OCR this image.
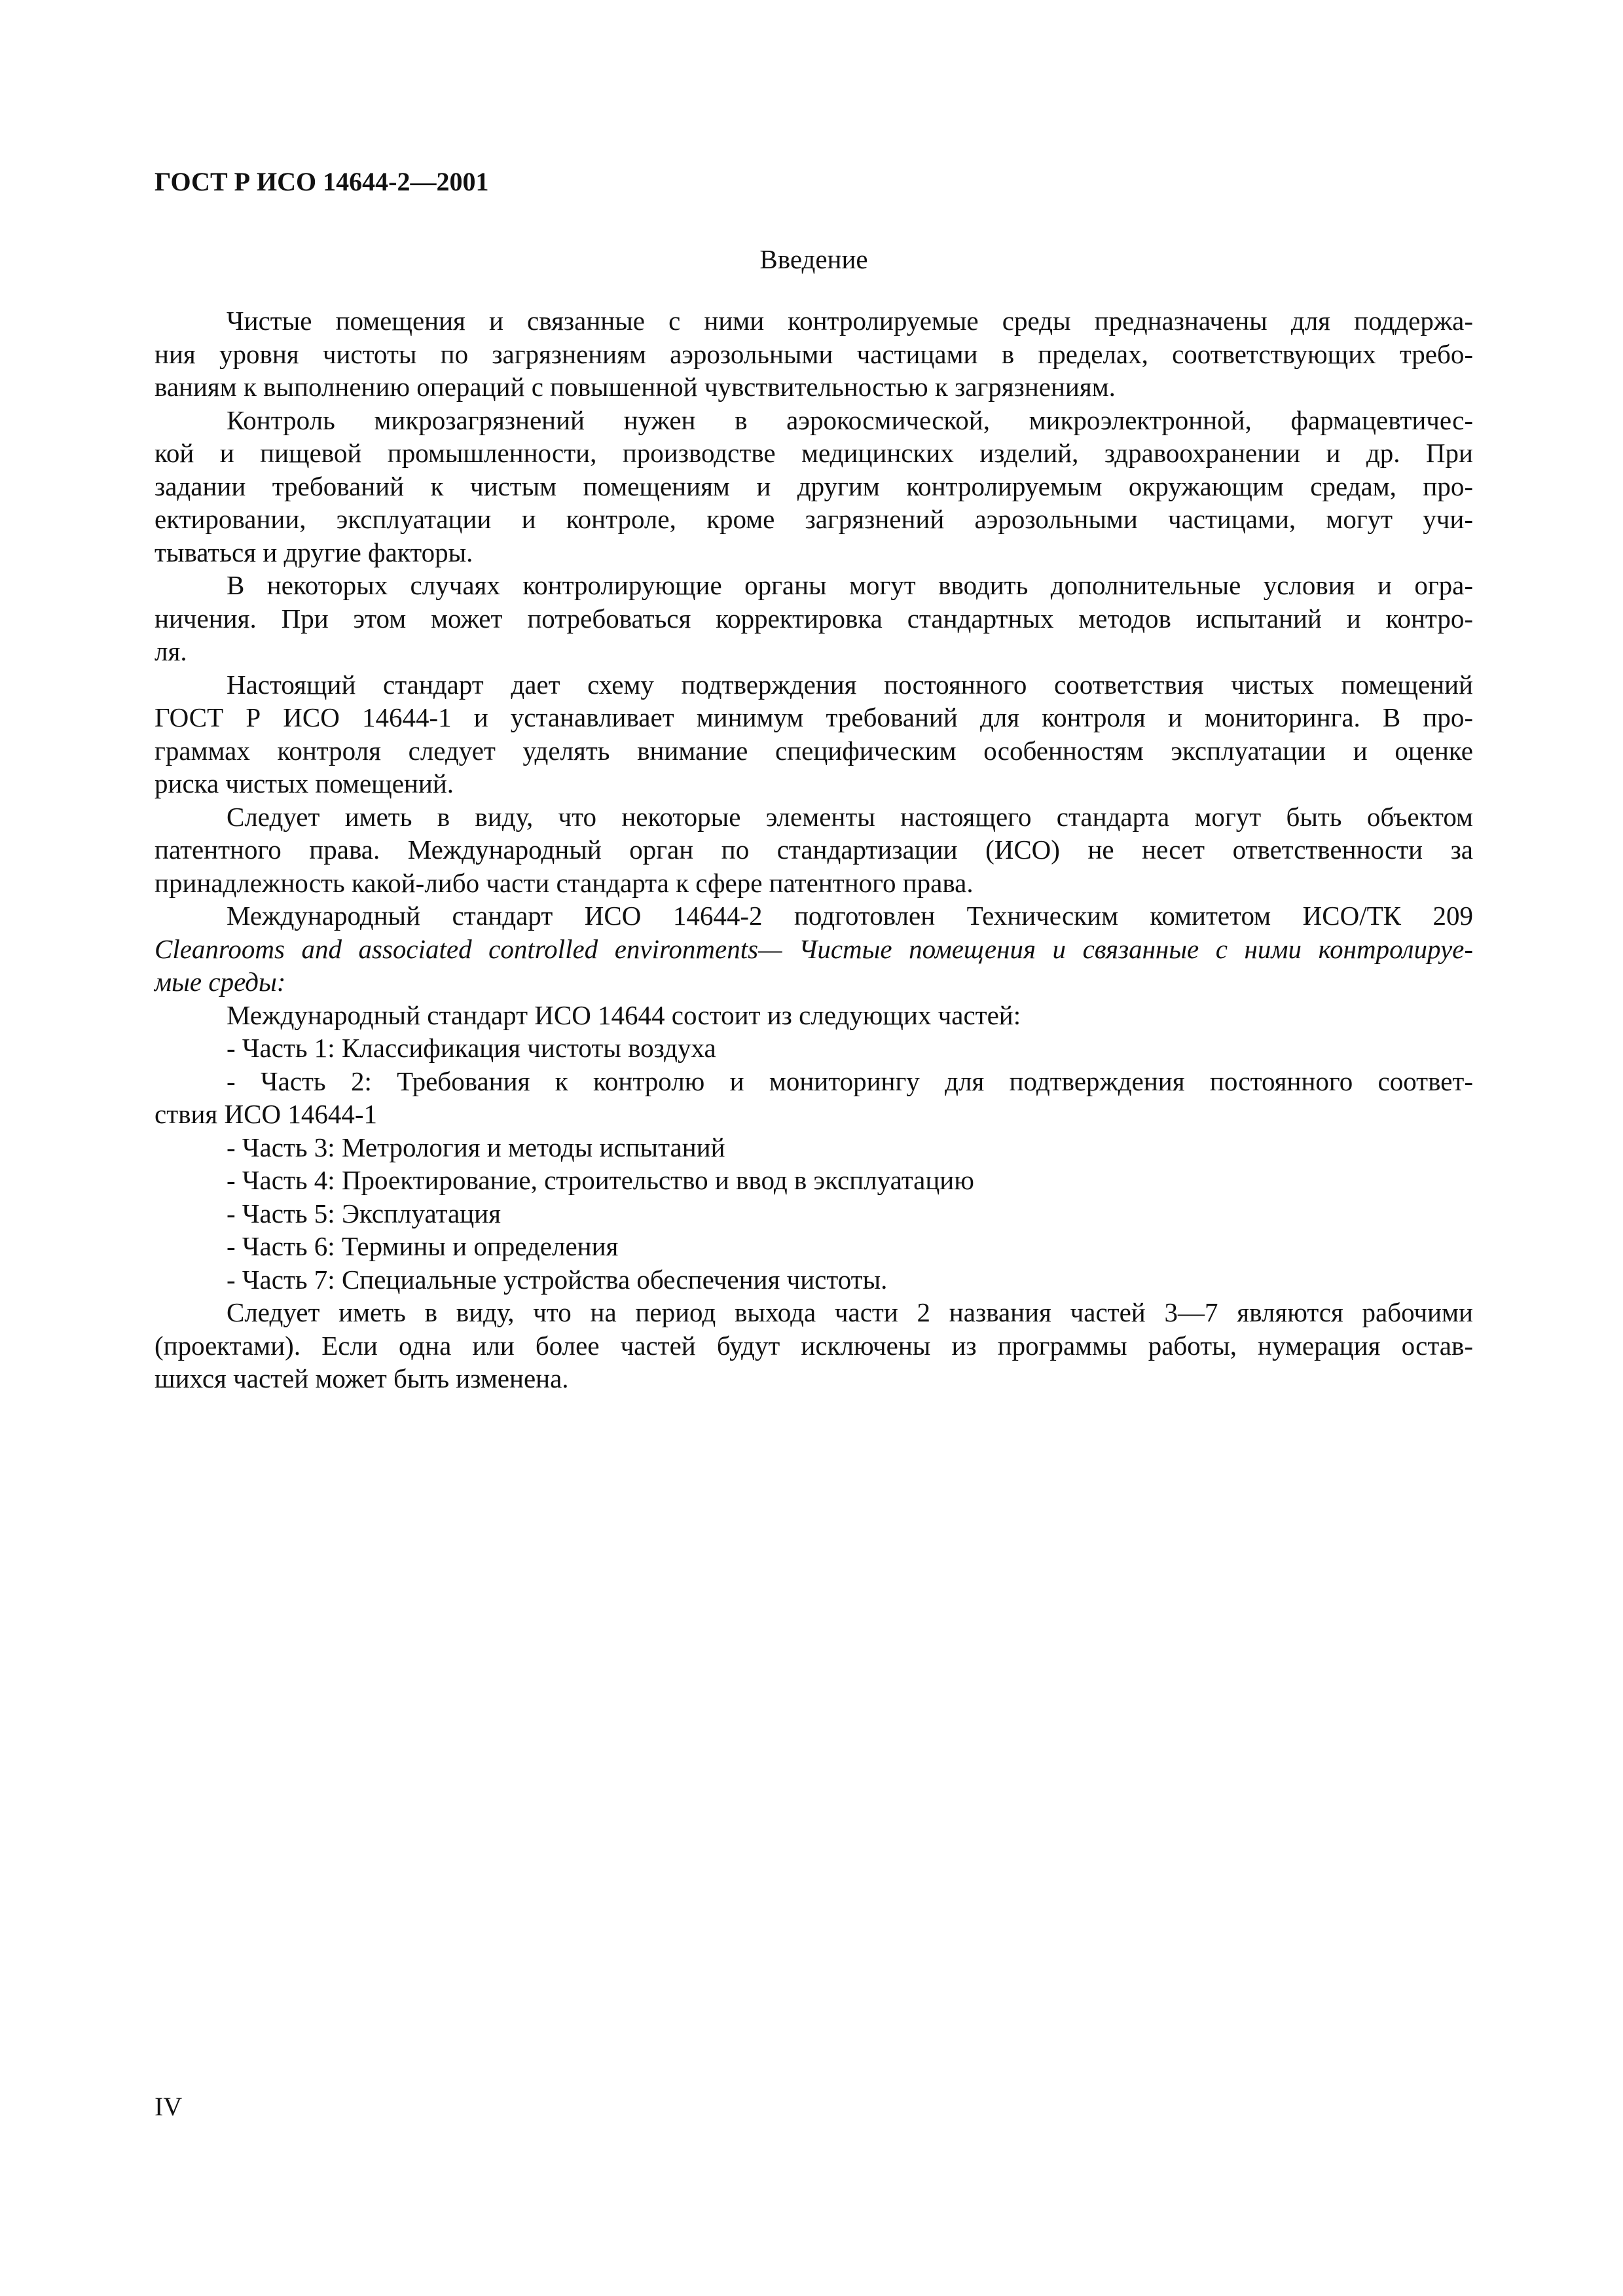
ГОСТ Р ИСО 14644-2—2001
Введение
Чистые помещения и связанные с ними контролируемые среды предназначены для поддержа-
ния уровня чистоты по загрязнениям аэрозольными частицами в пределах, соответствующих требо-
ваниям к выполнению операций с повышенной чувствительностью к загрязнениям.
Контроль микрозагрязнений нужен в аэрокосмической, микроэлектронной, фармацевтичес-
кой и пищевой промышленности, производстве медицинских изделий, здравоохранении и др. При
задании требований к чистым помещениям и другим контролируемым окружающим средам, про-
ектировании, эксплуатации и контроле, кроме загрязнений аэрозольными частицами, могут учи-
тываться и другие факторы.
В некоторых случаях контролирующие органы могут вводить дополнительные условия и огра-
ничения. При этом может потребоваться корректировка стандартных методов испытаний и контро-
ля.
Настоящий стандарт дает схему подтверждения постоянного соответствия чистых помещений
ГОСТ Р ИСО 14644-1 и устанавливает минимум требований для контроля и мониторинга. В про-
граммах контроля следует уделять внимание специфическим особенностям эксплуатации и оценке
риска чистых помещений.
Следует иметь в виду, что некоторые элементы настоящего стандарта могут быть объектом
патентного права. Международный орган по стандартизации (ИСО) не несет ответственности за
принадлежность какой-либо части стандарта к сфере патентного права.
Международный стандарт ИСО 14644-2 подготовлен Техническим комитетом ИСО/ТК 209
Cleanrooms and associated controlled environments— Чистые помещения и связанные с ними контролируе-
мые среды:
Международный стандарт ИСО 14644 состоит из следующих частей:
- Часть 1: Классификация чистоты воздуха
- Часть 2: Требования к контролю и мониторингу для подтверждения постоянного соответ-
ствия ИСО 14644-1
- Часть 3: Метрология и методы испытаний
- Часть 4: Проектирование, строительство и ввод в эксплуатацию
- Часть 5: Эксплуатация
- Часть 6: Термины и определения
- Часть 7: Специальные устройства обеспечения чистоты.
Следует иметь в виду, что на период выхода части 2 названия частей 3—7 являются рабочими
(проектами). Если одна или более частей будут исключены из программы работы, нумерация остав-
шихся частей может быть изменена.
IV
